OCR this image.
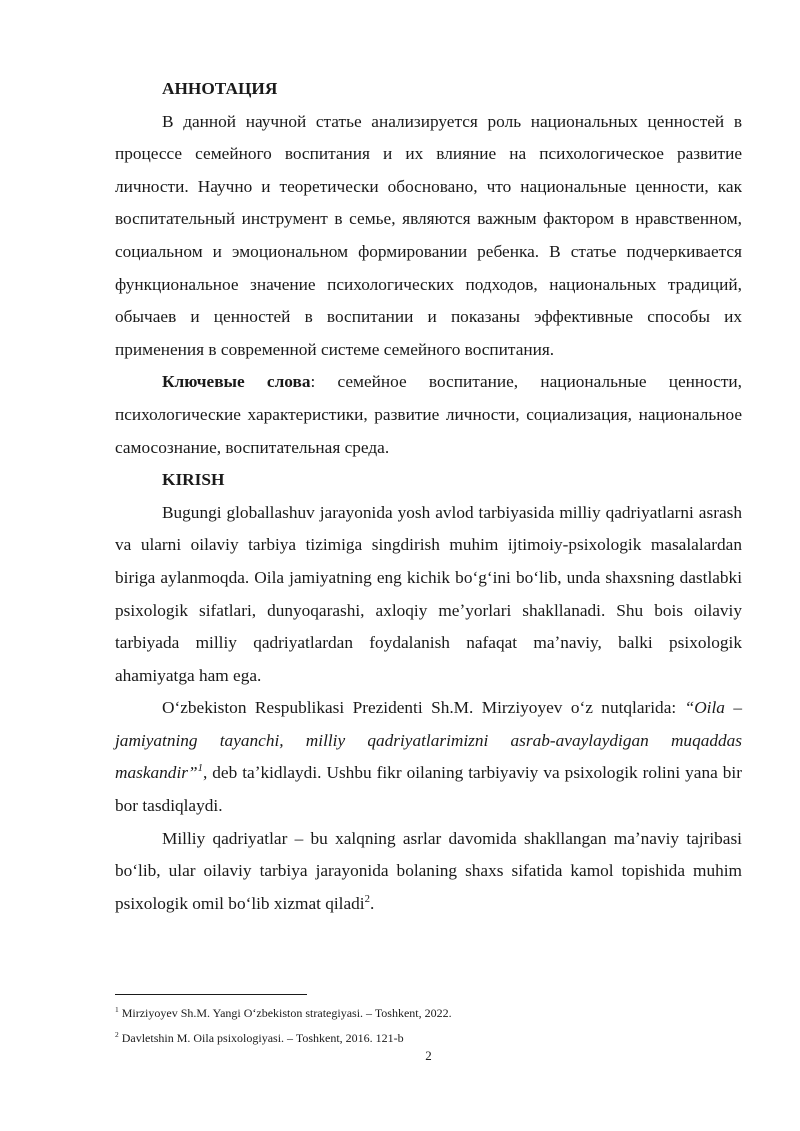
АННОТАЦИЯ

В данной научной статье анализируется роль национальных ценностей в процессе семейного воспитания и их влияние на психологическое развитие личности. Научно и теоретически обосновано, что национальные ценности, как воспитательный инструмент в семье, являются важным фактором в нравственном, социальном и эмоциональном формировании ребенка. В статье подчеркивается функциональное значение психологических подходов, национальных традиций, обычаев и ценностей в воспитании и показаны эффективные способы их применения в современной системе семейного воспитания.

Ключевые слова: семейное воспитание, национальные ценности, психологические характеристики, развитие личности, социализация, национальное самосознание, воспитательная среда.

KIRISH

Bugungi globallashuv jarayonida yosh avlod tarbiyasida milliy qadriyatlarni asrash va ularni oilaviy tarbiya tizimiga singdirish muhim ijtimoiy-psixologik masalalardan biriga aylanmoqda. Oila jamiyatning eng kichik boʻgʻini boʻlib, unda shaxsning dastlabki psixologik sifatlari, dunyoqarashi, axloqiy meʼyorlari shakllanadi. Shu bois oilaviy tarbiyada milliy qadriyatlardan foydalanish nafaqat maʼnaviy, balki psixologik ahamiyatga ham ega.

Oʻzbekiston Respublikasi Prezidenti Sh.M. Mirziyoyev oʻz nutqlarida: “Oila – jamiyatning tayanchi, milliy qadriyatlarimizni asrab-avaylaydigan muqaddas maskandir”$^1$, deb taʼkidlaydi. Ushbu fikr oilaning tarbiyaviy va psixologik rolini yana bir bor tasdiqlaydi.

Milliy qadriyatlar – bu xalqning asrlar davomida shakllangan maʼnaviy tajribasi boʻlib, ular oilaviy tarbiya jarayonida bolaning shaxs sifatida kamol topishida muhim psixologik omil boʻlib xizmat qiladi$^2$.

$^1$ Mirziyoyev Sh.M. Yangi Oʻzbekiston strategiyasi. – Toshkent, 2022.

$^2$ Davletshin M. Oila psixologiyasi. – Toshkent, 2016. 121-b

2
